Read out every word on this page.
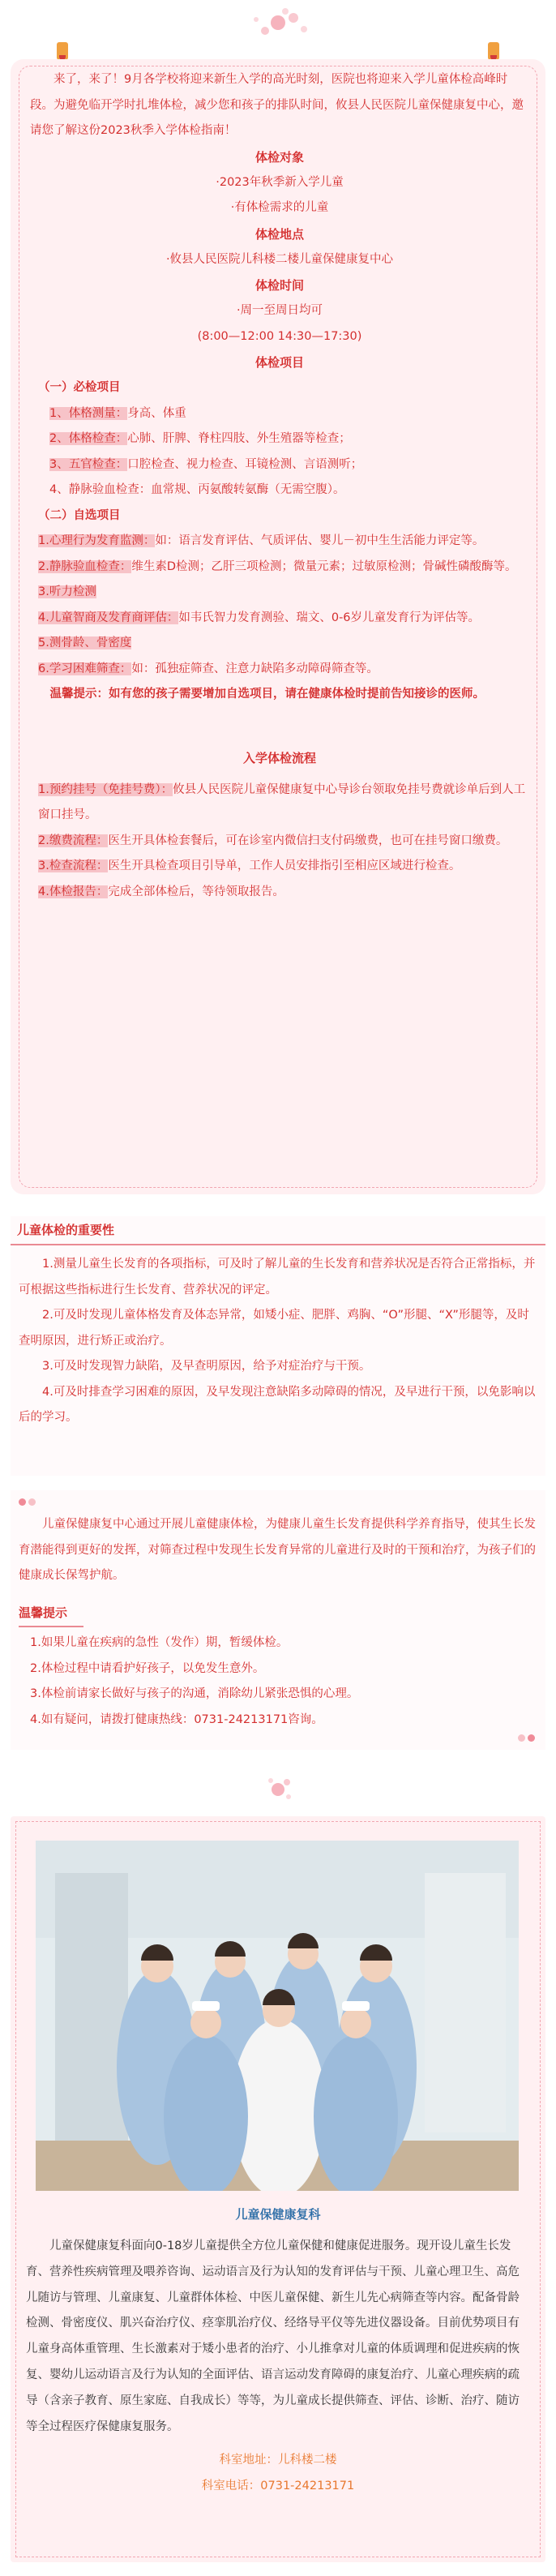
来了，来了！9月各学校将迎来新生入学的高光时刻，医院也将迎来入学儿童体检高峰时段。为避免临开学时扎堆体检，减少您和孩子的排队时间，攸县人民医院儿童保健康复中心，邀请您了解这份2023秋季入学体检指南！

体检对象

·2023年秋季新入学儿童

·有体检需求的儿童

体检地点

·攸县人民医院儿科楼二楼儿童保健康复中心

体检时间

·周一至周日均可

(8:00—12:00 14:30—17:30)

体检项目

（一）必检项目

1、体格测量：身高、体重

2、体格检查：心肺、肝脾、脊柱四肢、外生殖器等检查；

3、五官检查：口腔检查、视力检查、耳镜检测、言语测听；

4、静脉验血检查：血常规、丙氨酸转氨酶（无需空腹）。

（二）自选项目

1.心理行为发育监测：如：语言发育评估、气质评估、婴儿－初中生生活能力评定等。

2.静脉验血检查：维生素D检测；乙肝三项检测；微量元素；过敏原检测；骨碱性磷酸酶等。

3.听力检测

4.儿童智商及发育商评估：如韦氏智力发育测验、瑞文、0-6岁儿童发育行为评估等。

5.测骨龄、骨密度

6.学习困难筛查：如：孤独症筛查、注意力缺陷多动障碍筛查等。

温馨提示：如有您的孩子需要增加自选项目，请在健康体检时提前告知接诊的医师。

入学体检流程

1.预约挂号（免挂号费）：攸县人民医院儿童保健康复中心导诊台领取免挂号费就诊单后到人工窗口挂号。

2.缴费流程：医生开具体检套餐后，可在诊室内微信扫支付码缴费，也可在挂号窗口缴费。

3.检查流程：医生开具检查项目引导单，工作人员安排指引至相应区域进行检查。

4.体检报告：完成全部体检后，等待领取报告。

儿童体检的重要性

1.测量儿童生长发育的各项指标，可及时了解儿童的生长发育和营养状况是否符合正常指标，并可根据这些指标进行生长发育、营养状况的评定。

2.可及时发现儿童体格发育及体态异常，如矮小症、肥胖、鸡胸、“O”形腿、“X”形腿等，及时查明原因，进行矫正或治疗。

3.可及时发现智力缺陷，及早查明原因，给予对症治疗与干预。

4.可及时排查学习困难的原因，及早发现注意缺陷多动障碍的情况，及早进行干预，以免影响以后的学习。

儿童保健康复中心通过开展儿童健康体检，为健康儿童生长发育提供科学养育指导，使其生长发育潜能得到更好的发挥，对筛查过程中发现生长发育异常的儿童进行及时的干预和治疗，为孩子们的健康成长保驾护航。

温馨提示

1.如果儿童在疾病的急性（发作）期，暂缓体检。

2.体检过程中请看护好孩子，以免发生意外。

3.体检前请家长做好与孩子的沟通，消除幼儿紧张恐惧的心理。

4.如有疑问，请拨打健康热线：0731-24213171咨询。

儿童保健康复科

儿童保健康复科面向0-18岁儿童提供全方位儿童保健和健康促进服务。现开设儿童生长发育、营养性疾病管理及喂养咨询、运动语言及行为认知的发育评估与干预、儿童心理卫生、高危儿随访与管理、儿童康复、儿童群体体检、中医儿童保健、新生儿先心病筛查等内容。配备骨龄检测、骨密度仪、肌兴奋治疗仪、痉挛肌治疗仪、经络导平仪等先进仪器设备。目前优势项目有儿童身高体重管理、生长激素对于矮小患者的治疗、小儿推拿对儿童的体质调理和促进疾病的恢复、婴幼儿运动语言及行为认知的全面评估、语言运动发育障碍的康复治疗、儿童心理疾病的疏导（含亲子教育、原生家庭、自我成长）等等，为儿童成长提供筛查、评估、诊断、治疗、随访等全过程医疗保健康复服务。

科室地址：儿科楼二楼

科室电话：0731-24213171
